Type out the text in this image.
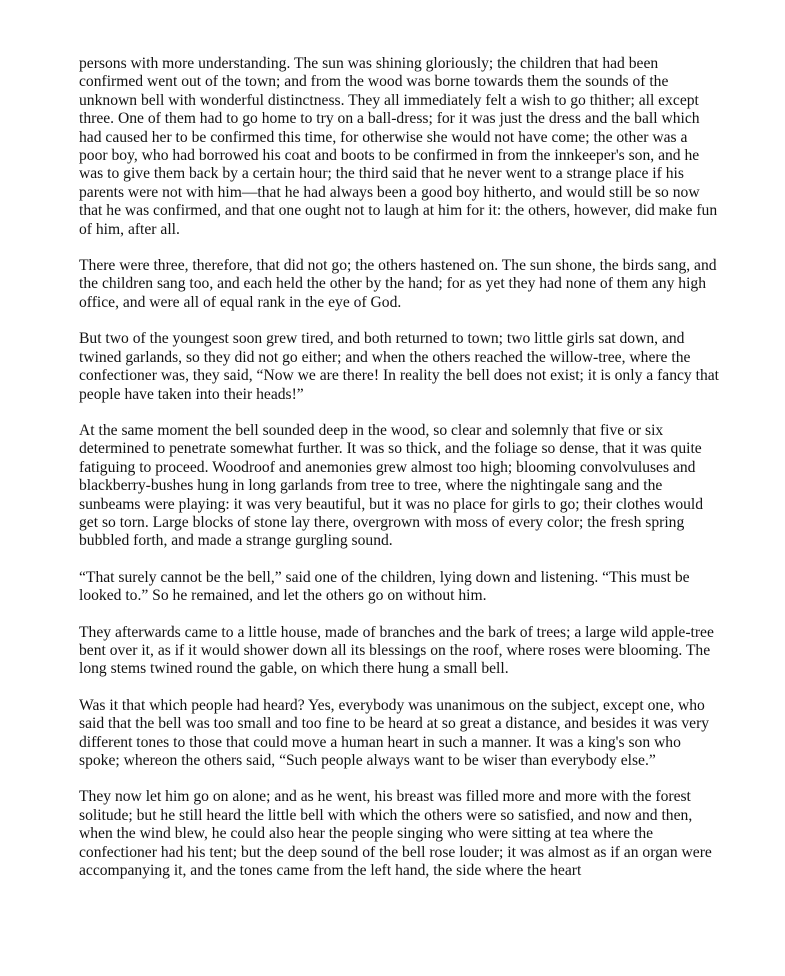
persons with more understanding. The sun was shining gloriously; the children that had been confirmed went out of the town; and from the wood was borne towards them the sounds of the unknown bell with wonderful distinctness. They all immediately felt a wish to go thither; all except three. One of them had to go home to try on a ball-dress; for it was just the dress and the ball which had caused her to be confirmed this time, for otherwise she would not have come; the other was a poor boy, who had borrowed his coat and boots to be confirmed in from the innkeeper's son, and he was to give them back by a certain hour; the third said that he never went to a strange place if his parents were not with him—that he had always been a good boy hitherto, and would still be so now that he was confirmed, and that one ought not to laugh at him for it: the others, however, did make fun of him, after all.

There were three, therefore, that did not go; the others hastened on. The sun shone, the birds sang, and the children sang too, and each held the other by the hand; for as yet they had none of them any high office, and were all of equal rank in the eye of God.

But two of the youngest soon grew tired, and both returned to town; two little girls sat down, and twined garlands, so they did not go either; and when the others reached the willow-tree, where the confectioner was, they said, “Now we are there! In reality the bell does not exist; it is only a fancy that people have taken into their heads!”

At the same moment the bell sounded deep in the wood, so clear and solemnly that five or six determined to penetrate somewhat further. It was so thick, and the foliage so dense, that it was quite fatiguing to proceed. Woodroof and anemonies grew almost too high; blooming convolvuluses and blackberry-bushes hung in long garlands from tree to tree, where the nightingale sang and the sunbeams were playing: it was very beautiful, but it was no place for girls to go; their clothes would get so torn. Large blocks of stone lay there, overgrown with moss of every color; the fresh spring bubbled forth, and made a strange gurgling sound.

“That surely cannot be the bell,” said one of the children, lying down and listening. “This must be looked to.” So he remained, and let the others go on without him.

They afterwards came to a little house, made of branches and the bark of trees; a large wild apple-tree bent over it, as if it would shower down all its blessings on the roof, where roses were blooming. The long stems twined round the gable, on which there hung a small bell.

Was it that which people had heard? Yes, everybody was unanimous on the subject, except one, who said that the bell was too small and too fine to be heard at so great a distance, and besides it was very different tones to those that could move a human heart in such a manner. It was a king's son who spoke; whereon the others said, “Such people always want to be wiser than everybody else.”

They now let him go on alone; and as he went, his breast was filled more and more with the forest solitude; but he still heard the little bell with which the others were so satisfied, and now and then, when the wind blew, he could also hear the people singing who were sitting at tea where the confectioner had his tent; but the deep sound of the bell rose louder; it was almost as if an organ were accompanying it, and the tones came from the left hand, the side where the heart
